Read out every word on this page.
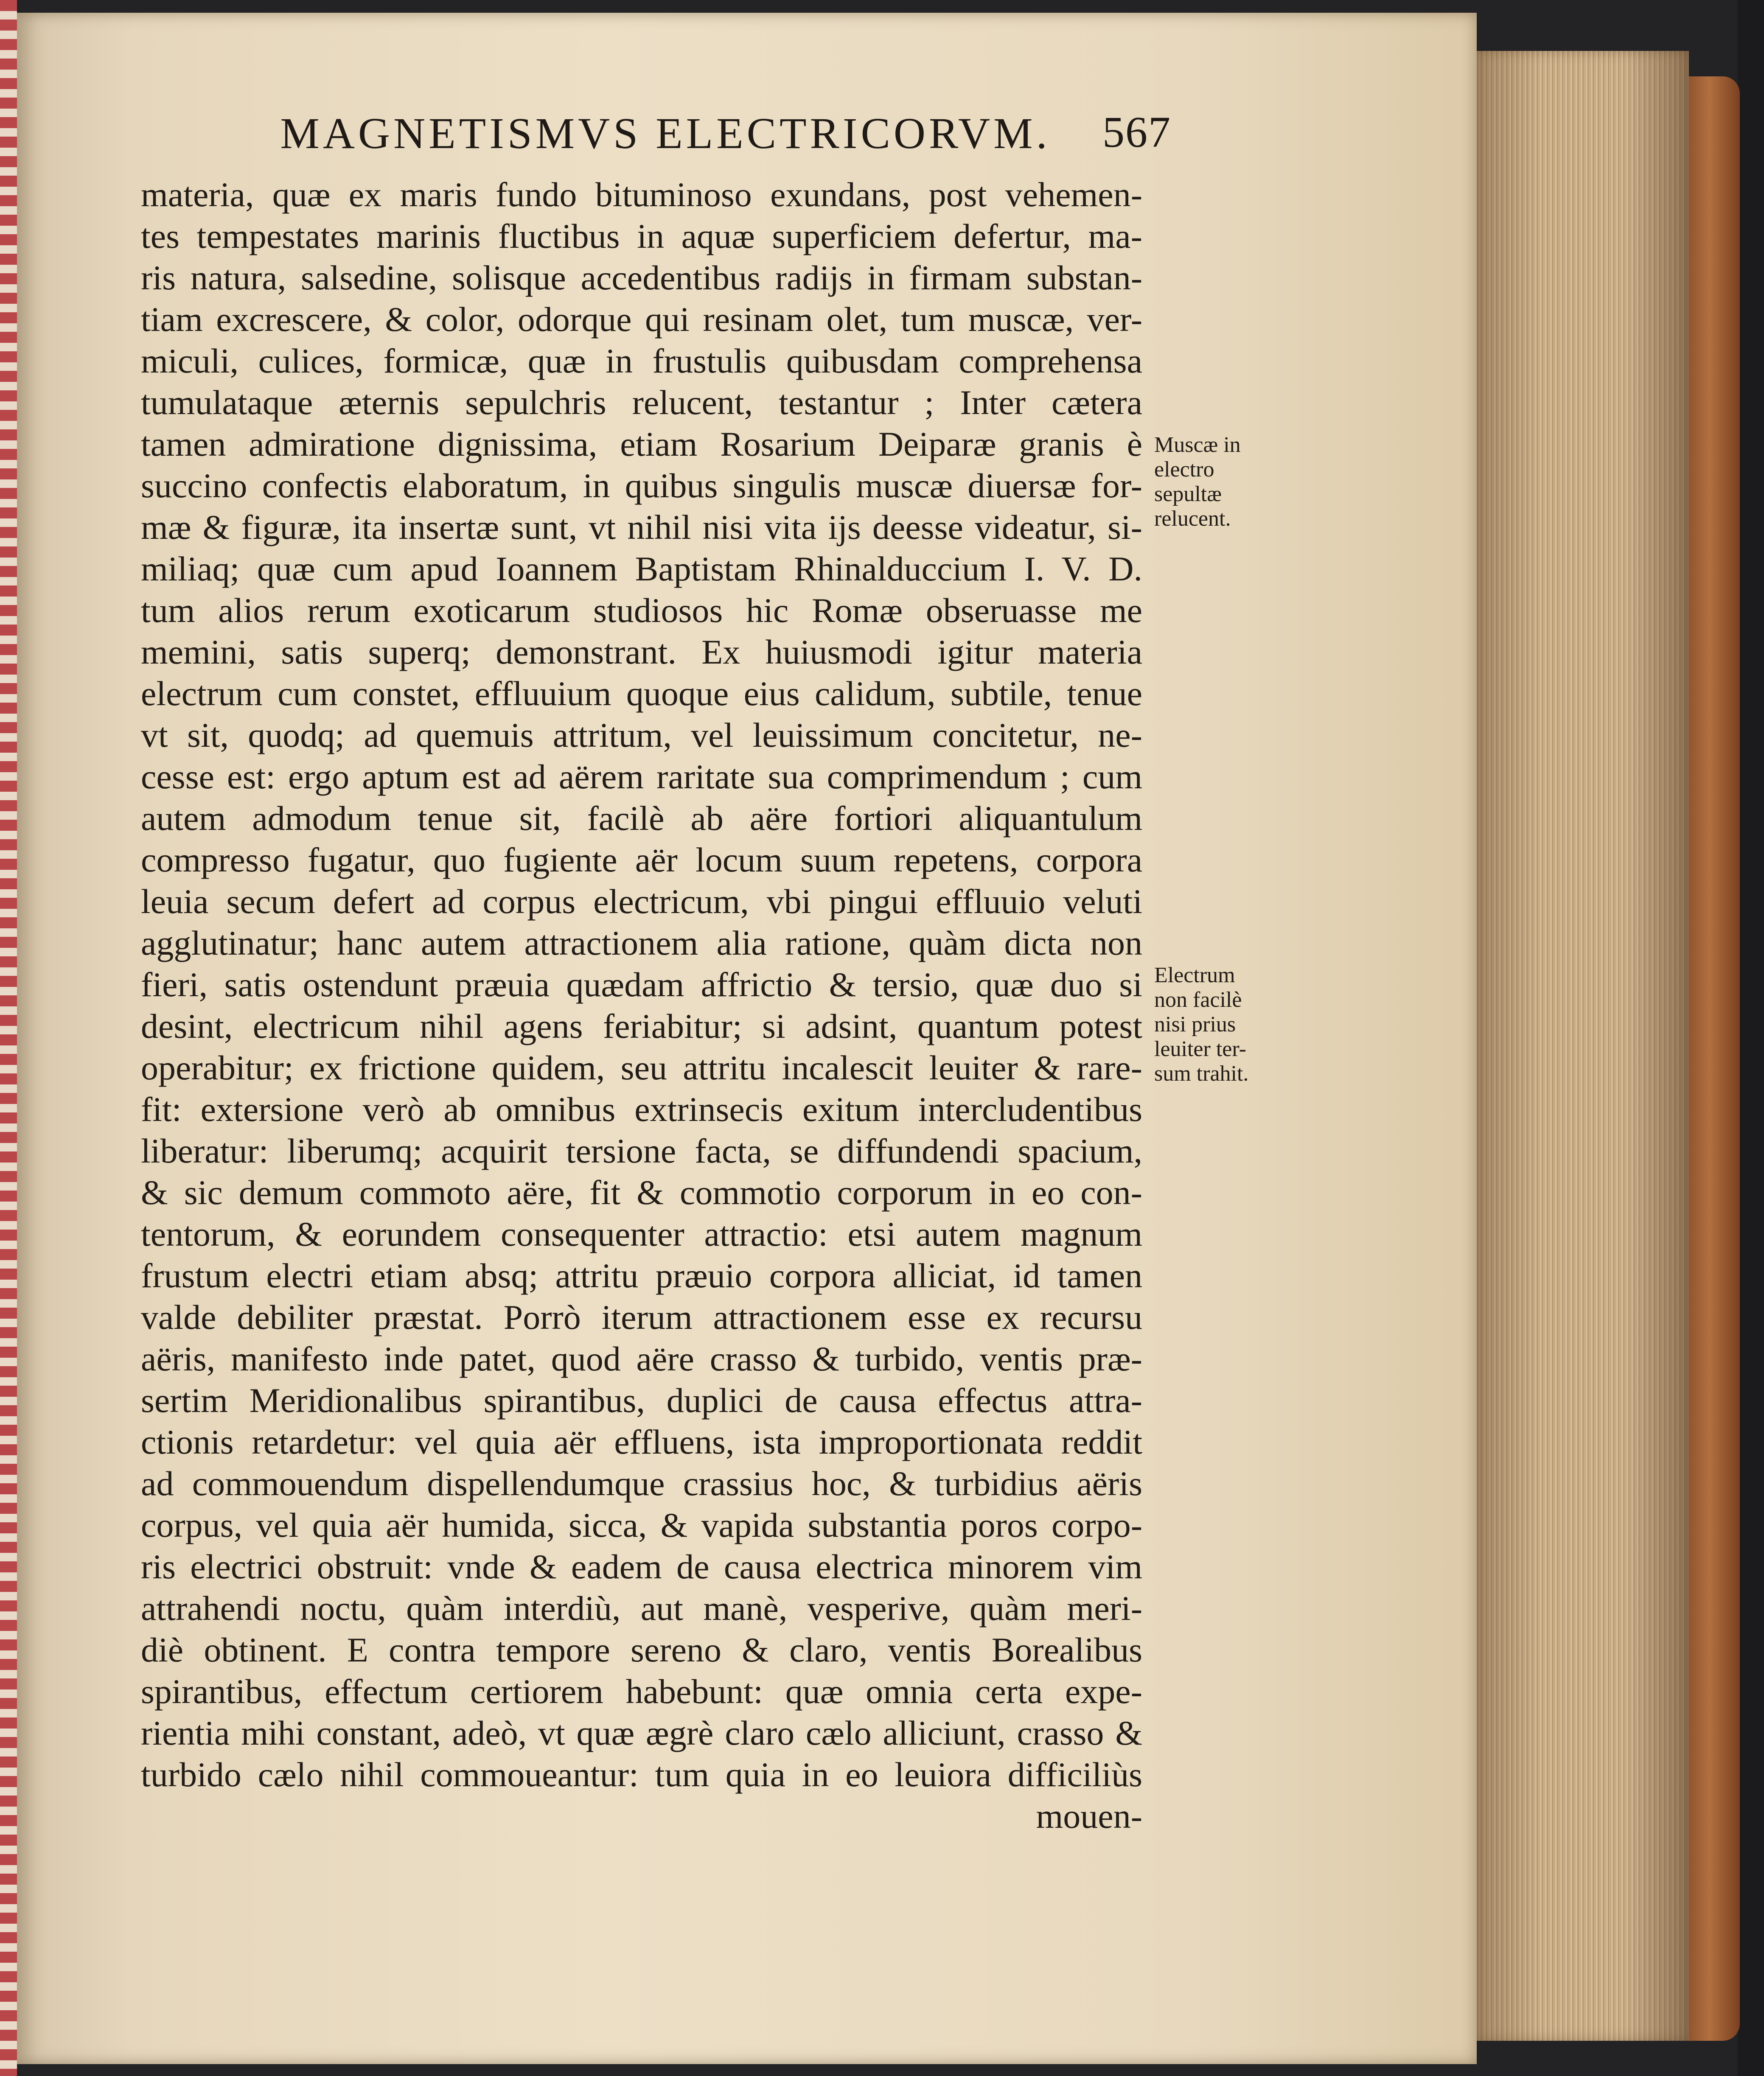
MAGNETISMVS ELECTRICORVM.	567
materia, quæ ex maris fundo bituminoso exundans, post vehemen-
tes tempestates marinis fluctibus in aquæ superficiem defertur, ma-
ris natura, salsedine, solisque accedentibus radijs in firmam substan-
tiam excrescere, & color, odorque qui resinam olet, tum muscæ, ver-
miculi, culices, formicæ, quæ in frustulis quibusdam comprehensa
tumulataque æternis sepulchris relucent, testantur ; Inter cætera
tamen admiratione dignissima, etiam Rosarium Deiparæ granis è
succino confectis elaboratum, in quibus singulis muscæ diuersæ for-
mæ & figuræ, ita insertæ sunt, vt nihil nisi vita ijs deesse videatur, si-
miliaq; quæ cum apud Ioannem Baptistam Rhinalduccium I. V. D.
tum alios rerum exoticarum studiosos hic Romæ obseruasse me
memini, satis superq; demonstrant. Ex huiusmodi igitur materia
electrum cum constet, effluuium quoque eius calidum, subtile, tenue
vt sit, quodq; ad quemuis attritum, vel leuissimum concitetur, ne-
cesse est: ergo aptum est ad aërem raritate sua comprimendum ; cum
autem admodum tenue sit, facilè ab aëre fortiori aliquantulum
compresso fugatur, quo fugiente aër locum suum repetens, corpora
leuia secum defert ad corpus electricum, vbi pingui effluuio veluti
agglutinatur; hanc autem attractionem alia ratione, quàm dicta non
fieri, satis ostendunt præuia quædam affrictio & tersio, quæ duo si
desint, electricum nihil agens feriabitur; si adsint, quantum potest
operabitur; ex frictione quidem, seu attritu incalescit leuiter & rare-
fit: extersione verò ab omnibus extrinsecis exitum intercludentibus
liberatur: liberumq; acquirit tersione facta, se diffundendi spacium,
& sic demum commoto aëre, fit & commotio corporum in eo con-
tentorum, & eorundem consequenter attractio: etsi autem magnum
frustum electri etiam absq; attritu præuio corpora alliciat, id tamen
valde debiliter præstat. Porrò iterum attractionem esse ex recursu
aëris, manifesto inde patet, quod aëre crasso & turbido, ventis præ-
sertim Meridionalibus spirantibus, duplici de causa effectus attra-
ctionis retardetur: vel quia aër effluens, ista improportionata reddit
ad commouendum dispellendumque crassius hoc, & turbidius aëris
corpus, vel quia aër humida, sicca, & vapida substantia poros corpo-
ris electrici obstruit: vnde & eadem de causa electrica minorem vim
attrahendi noctu, quàm interdiù, aut manè, vesperive, quàm meri-
diè obtinent. E contra tempore sereno & claro, ventis Borealibus
spirantibus, effectum certiorem habebunt: quæ omnia certa expe-
rientia mihi constant, adeò, vt quæ ægrè claro cælo alliciunt, crasso &
turbido cælo nihil commoueantur: tum quia in eo leuiora difficiliùs
mouen-
Muscæ in
electro
sepultæ
relucent.
Electrum
non facilè
nisi prius
leuiter ter-
sum trahit.
